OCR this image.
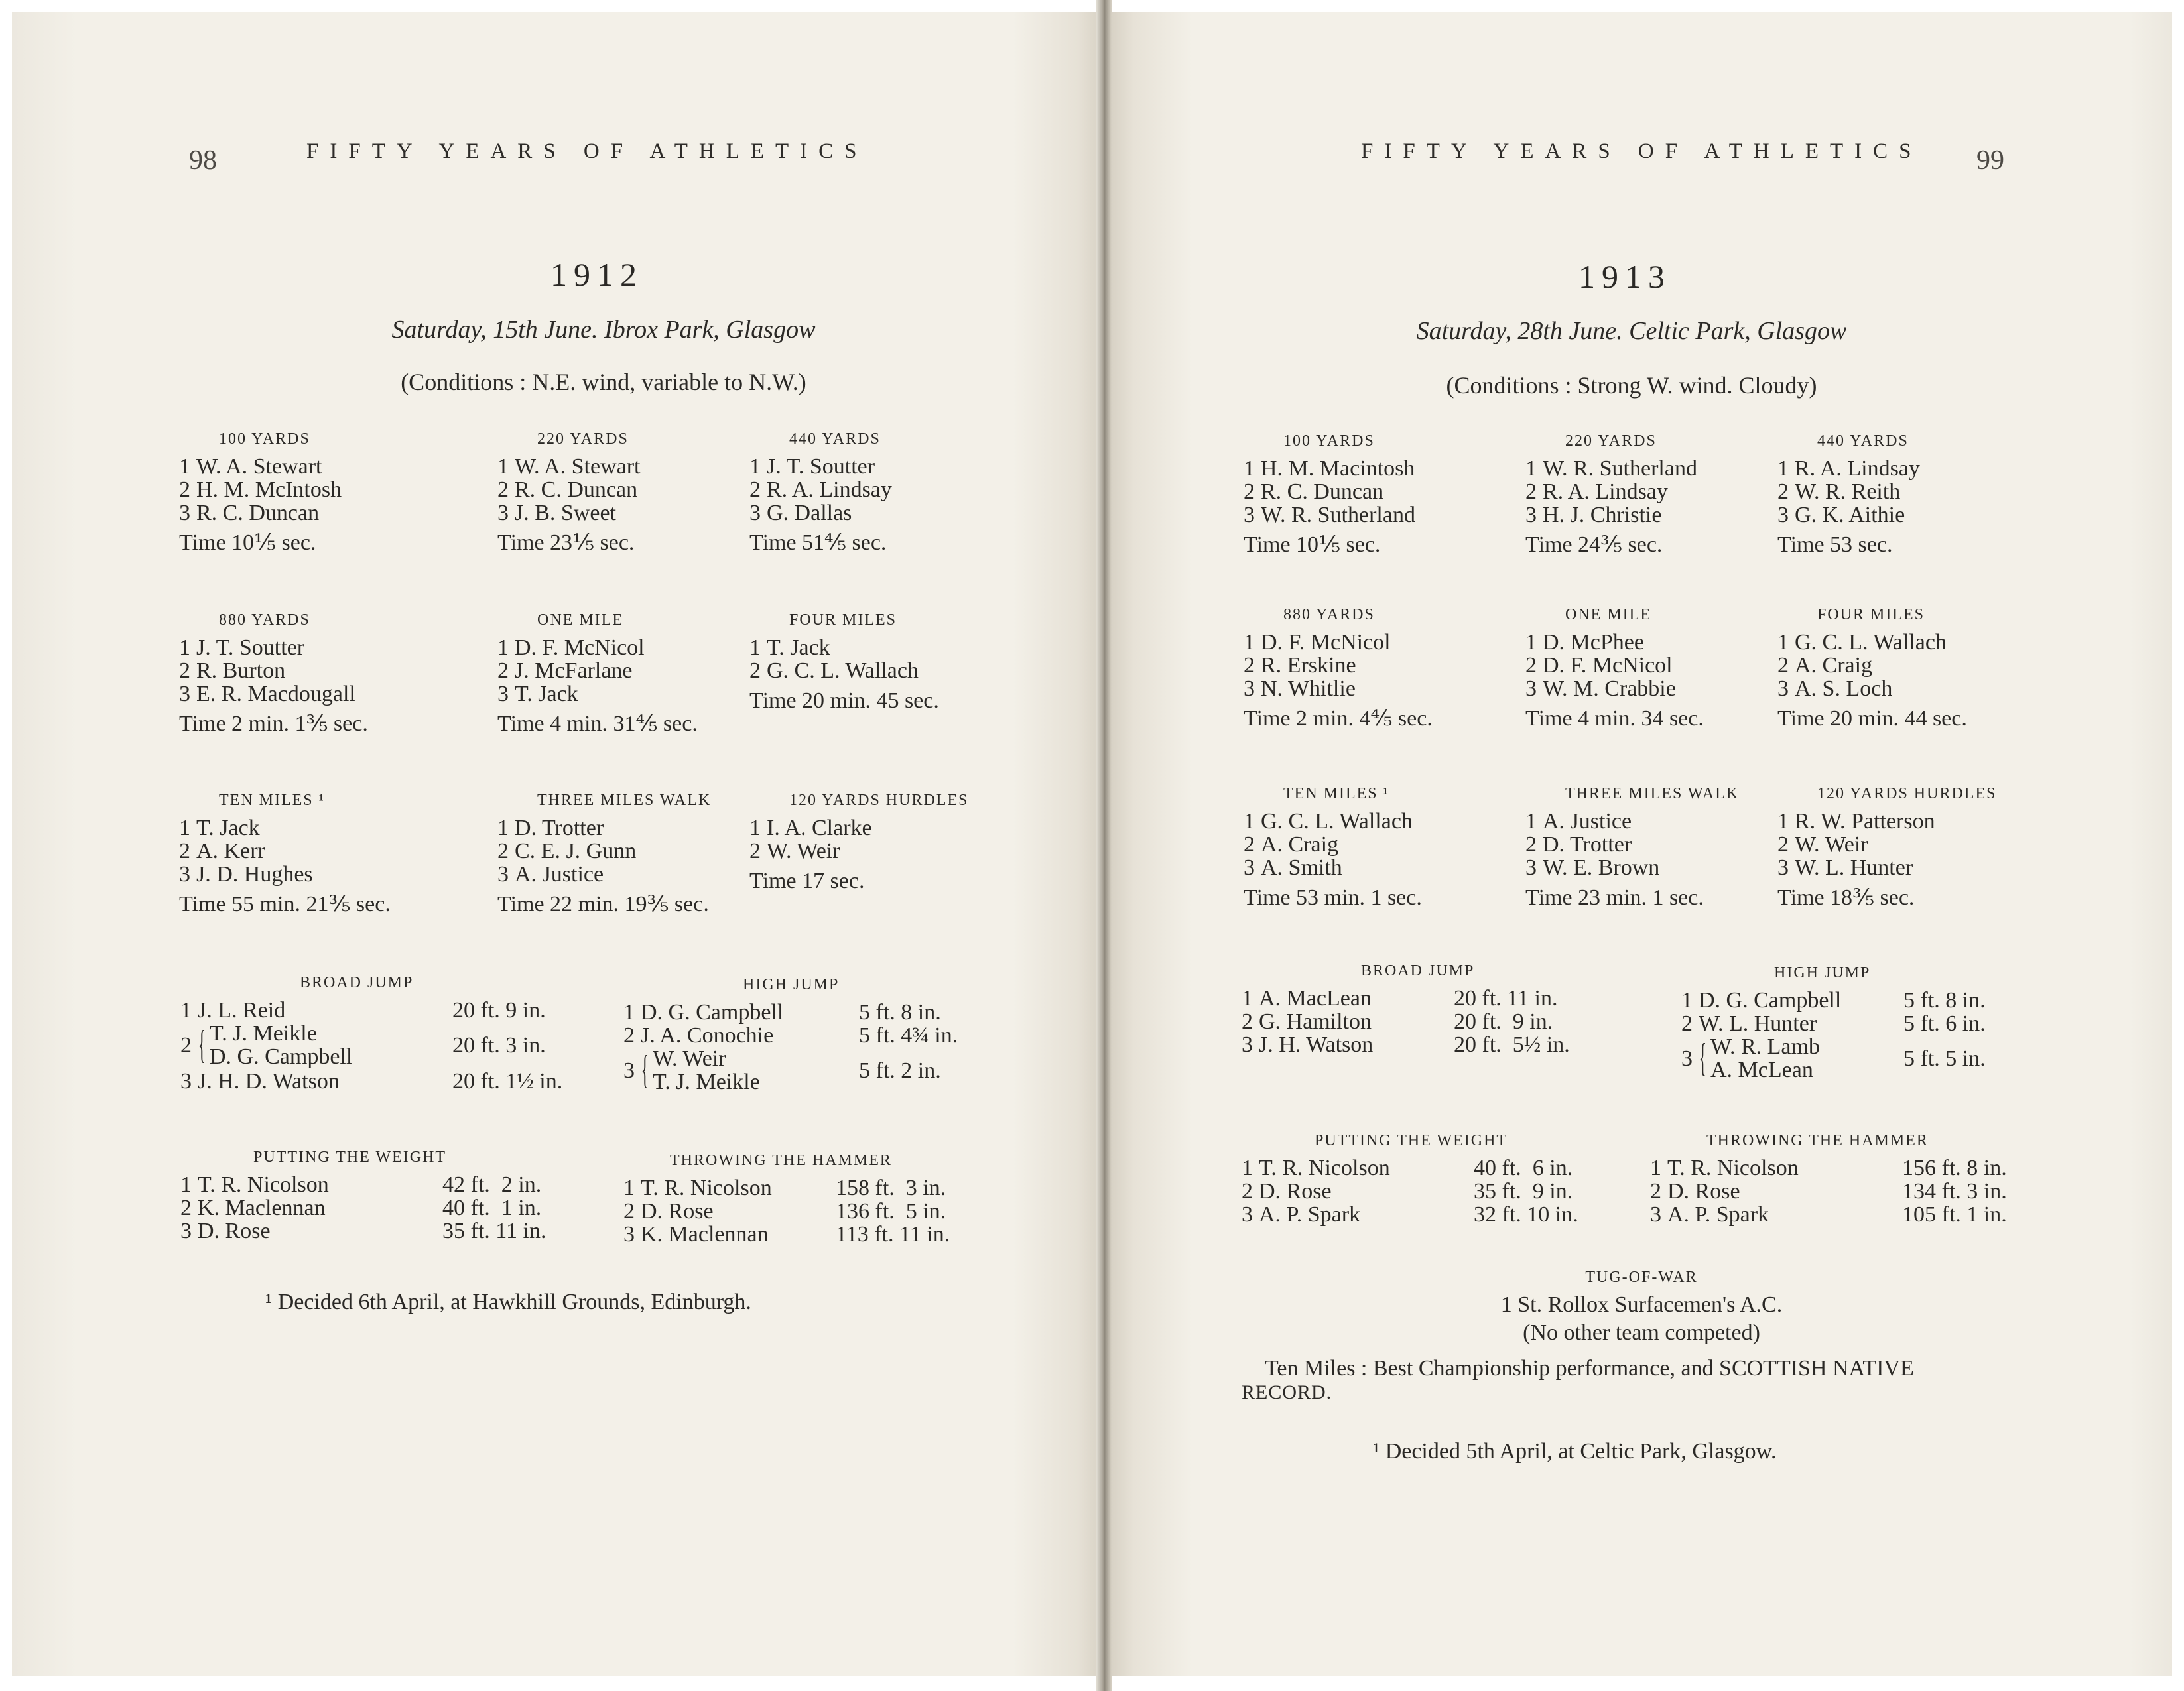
98	FIFTY YEARS OF ATHLETICS
1912
Saturday, 15th June. Ibrox Park, Glasgow
(Conditions : N.E. wind, variable to N.W.)
FIFTY YEARS OF ATHLETICS 99
1913
Saturday, 28th June. Celtic Park, Glasgow
(Conditions : Strong W. wind. Cloudy)
100 YARDS
1 W. A. Stewart
2 H. M. McIntosh
3 R. C. Duncan
Time 10⅕ sec.
220 YARDS
1 W. A. Stewart
2 R. C. Duncan
3 J. B. Sweet
Time 23⅕ sec.
440 YARDS
1 J. T. Soutter
2 R. A. Lindsay
3 G. Dallas
Time 51⅘ sec.
880 YARDS
1 J. T. Soutter
2 R. Burton
3 E. R. Macdougall
Time 2 min. 1⅗ sec.
ONE MILE
1 D. F. McNicol
2 J. McFarlane
3 T. Jack
Time 4 min. 31⅘ sec.
FOUR MILES
1 T. Jack
2 G. C. L. Wallach
Time 20 min. 45 sec.
TEN MILES ¹
1 T. Jack
2 A. Kerr
3 J. D. Hughes
Time 55 min. 21⅗ sec.
THREE MILES WALK
1 D. Trotter
2 C. E. J. Gunn
3 A. Justice
Time 22 min. 19⅗ sec.
120 YARDS HURDLES
1 I. A. Clarke
2 W. Weir
Time 17 sec.
100 YARDS
1 H. M. Macintosh
2 R. C. Duncan
3 W. R. Sutherland
Time 10⅕ sec.
220 YARDS
1 W. R. Sutherland
2 R. A. Lindsay
3 H. J. Christie
Time 24⅗ sec.
440 YARDS
1 R. A. Lindsay
2 W. R. Reith
3 G. K. Aithie
Time 53 sec.
880 YARDS
1 D. F. McNicol
2 R. Erskine
3 N. Whitlie
Time 2 min. 4⅘ sec.
ONE MILE
1 D. McPhee
2 D. F. McNicol
3 W. M. Crabbie
Time 4 min. 34 sec.
FOUR MILES
1 G. C. L. Wallach
2 A. Craig
3 A. S. Loch
Time 20 min. 44 sec.
TEN MILES ¹
1 G. C. L. Wallach
2 A. Craig
3 A. Smith
Time 53 min. 1 sec.
THREE MILES WALK
1 A. Justice
2 D. Trotter
3 W. E. Brown
Time 23 min. 1 sec.
120 YARDS HURDLES
1 R. W. Patterson
2 W. Weir
3 W. L. Hunter
Time 18⅗ sec.
BROAD JUMP
1 J. L. Reid	20 ft. 9 in.
2 T. J. Meikle
D. G. Campbell
{	20 ft. 3 in.
3 J. H. D. Watson	20 ft. 1½ in.
HIGH JUMP
1 D. G. Campbell	5 ft. 8 in.
2 J. A. Conochie	5 ft. 4¾ in.
3 W. Weir
T. J. Meikle
{	5 ft. 2 in.
PUTTING THE WEIGHT
1 T. R. Nicolson	42 ft.  2 in.
2 K. Maclennan	40 ft.  1 in.
3 D. Rose	35 ft. 11 in.
THROWING THE HAMMER
1 T. R. Nicolson	158 ft.  3 in.
2 D. Rose	136 ft.  5 in.
3 K. Maclennan	113 ft. 11 in.
BROAD JUMP
1 A. MacLean	20 ft. 11 in.
2 G. Hamilton	20 ft.  9 in.
3 J. H. Watson	20 ft.  5½ in.
HIGH JUMP
1 D. G. Campbell	5 ft. 8 in.
2 W. L. Hunter	5 ft. 6 in.
3 W. R. Lamb
A. McLean
{	5 ft. 5 in.
PUTTING THE WEIGHT
1 T. R. Nicolson	40 ft.  6 in.
2 D. Rose	35 ft.  9 in.
3 A. P. Spark	32 ft. 10 in.
THROWING THE HAMMER
1 T. R. Nicolson	156 ft. 8 in.
2 D. Rose	134 ft. 3 in.
3 A. P. Spark	105 ft. 1 in.
¹ Decided 6th April, at Hawkhill Grounds, Edinburgh.
TUG-OF-WAR
1 St. Rollox Surfacemen's A.C.
(No other team competed)
Ten Miles : Best Championship performance, and SCOTTISH NATIVE
RECORD.
¹ Decided 5th April, at Celtic Park, Glasgow.
